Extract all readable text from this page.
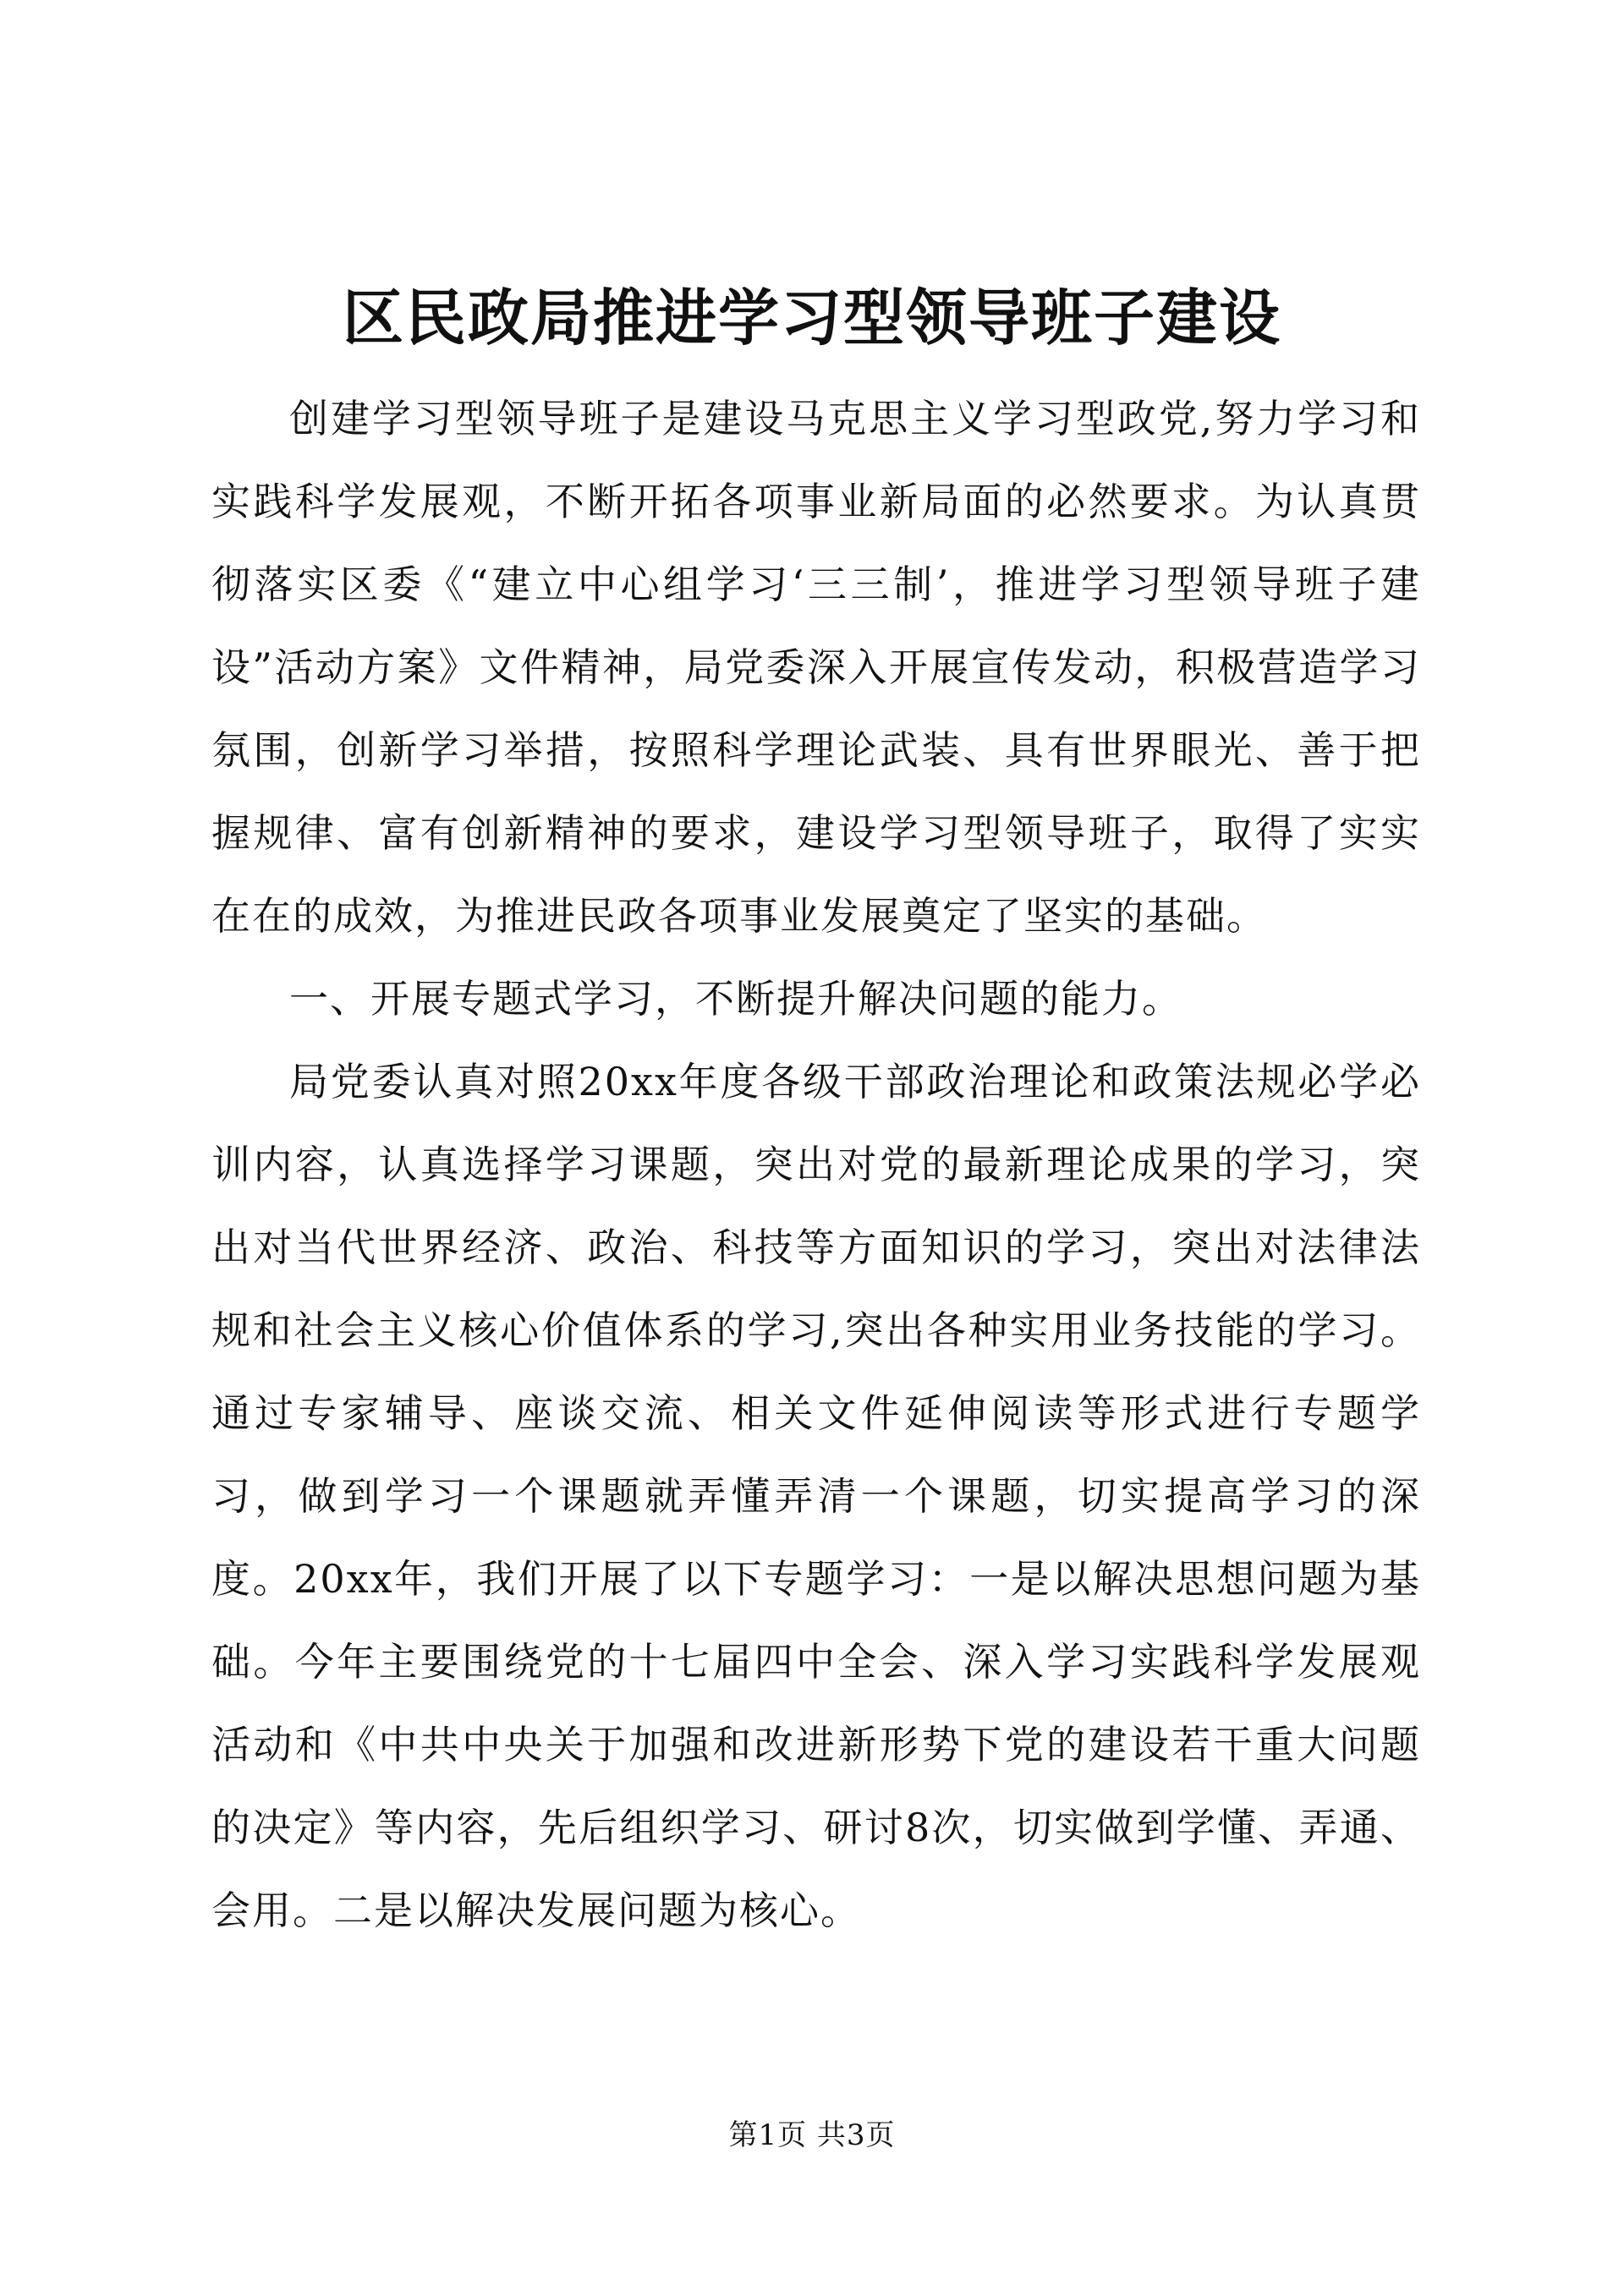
区民政局推进学习型领导班子建设

创建学习型领导班子是建设马克思主义学习型政党,努力学习和实践科学发展观，不断开拓各项事业新局面的必然要求。为认真贯彻落实区委《“建立中心组学习‘三三制’，推进学习型领导班子建设”活动方案》文件精神，局党委深入开展宣传发动，积极营造学习氛围，创新学习举措，按照科学理论武装、具有世界眼光、善于把握规律、富有创新精神的要求，建设学习型领导班子，取得了实实在在的成效，为推进民政各项事业发展奠定了坚实的基础。

一、开展专题式学习，不断提升解决问题的能力。

局党委认真对照20xx年度各级干部政治理论和政策法规必学必训内容，认真选择学习课题，突出对党的最新理论成果的学习，突出对当代世界经济、政治、科技等方面知识的学习，突出对法律法规和社会主义核心价值体系的学习,突出各种实用业务技能的学习。通过专家辅导、座谈交流、相关文件延伸阅读等形式进行专题学习，做到学习一个课题就弄懂弄清一个课题，切实提高学习的深度。20xx年，我们开展了以下专题学习：一是以解决思想问题为基础。今年主要围绕党的十七届四中全会、深入学习实践科学发展观活动和《中共中央关于加强和改进新形势下党的建设若干重大问题的决定》等内容，先后组织学习、研讨8次，切实做到学懂、弄通、会用。二是以解决发展问题为核心。

第1页 共3页
